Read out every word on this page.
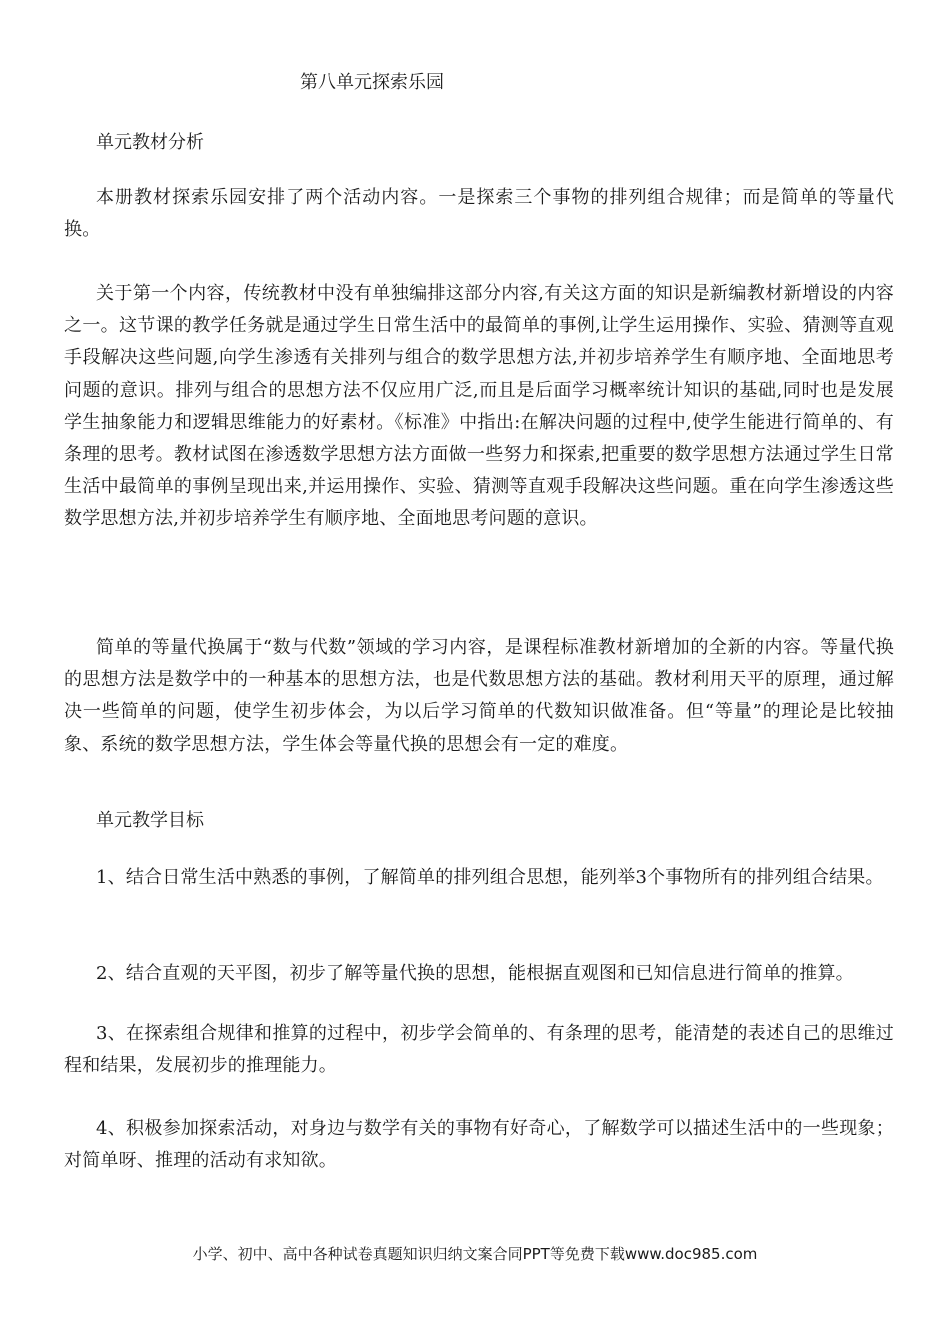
第八单元探索乐园
单元教材分析

本册教材探索乐园安排了两个活动内容。一是探索三个事物的排列组合规律；而是简单的等量代换。

关于第一个内容，传统教材中没有单独编排这部分内容,有关这方面的知识是新编教材新增设的内容之一。这节课的教学任务就是通过学生日常生活中的最简单的事例,让学生运用操作、实验、猜测等直观手段解决这些问题,向学生渗透有关排列与组合的数学思想方法,并初步培养学生有顺序地、全面地思考问题的意识。排列与组合的思想方法不仅应用广泛,而且是后面学习概率统计知识的基础,同时也是发展学生抽象能力和逻辑思维能力的好素材。《标准》中指出:在解决问题的过程中,使学生能进行简单的、有条理的思考。教材试图在渗透数学思想方法方面做一些努力和探索,把重要的数学思想方法通过学生日常生活中最简单的事例呈现出来,并运用操作、实验、猜测等直观手段解决这些问题。重在向学生渗透这些数学思想方法,并初步培养学生有顺序地、全面地思考问题的意识。

简单的等量代换属于“数与代数”领域的学习内容，是课程标准教材新增加的全新的内容。等量代换的思想方法是数学中的一种基本的思想方法，也是代数思想方法的基础。教材利用天平的原理，通过解决一些简单的问题，使学生初步体会，为以后学习简单的代数知识做准备。但“等量”的理论是比较抽象、系统的数学思想方法，学生体会等量代换的思想会有一定的难度。

单元教学目标

1、结合日常生活中熟悉的事例，了解简单的排列组合思想，能列举3个事物所有的排列组合结果。

2、结合直观的天平图，初步了解等量代换的思想，能根据直观图和已知信息进行简单的推算。

3、在探索组合规律和推算的过程中，初步学会简单的、有条理的思考，能清楚的表述自己的思维过程和结果，发展初步的推理能力。

4、积极参加探索活动，对身边与数学有关的事物有好奇心，了解数学可以描述生活中的一些现象；对简单呀、推理的活动有求知欲。

小学、初中、高中各种试卷真题知识归纳文案合同PPT等免费下载www.doc985.com
